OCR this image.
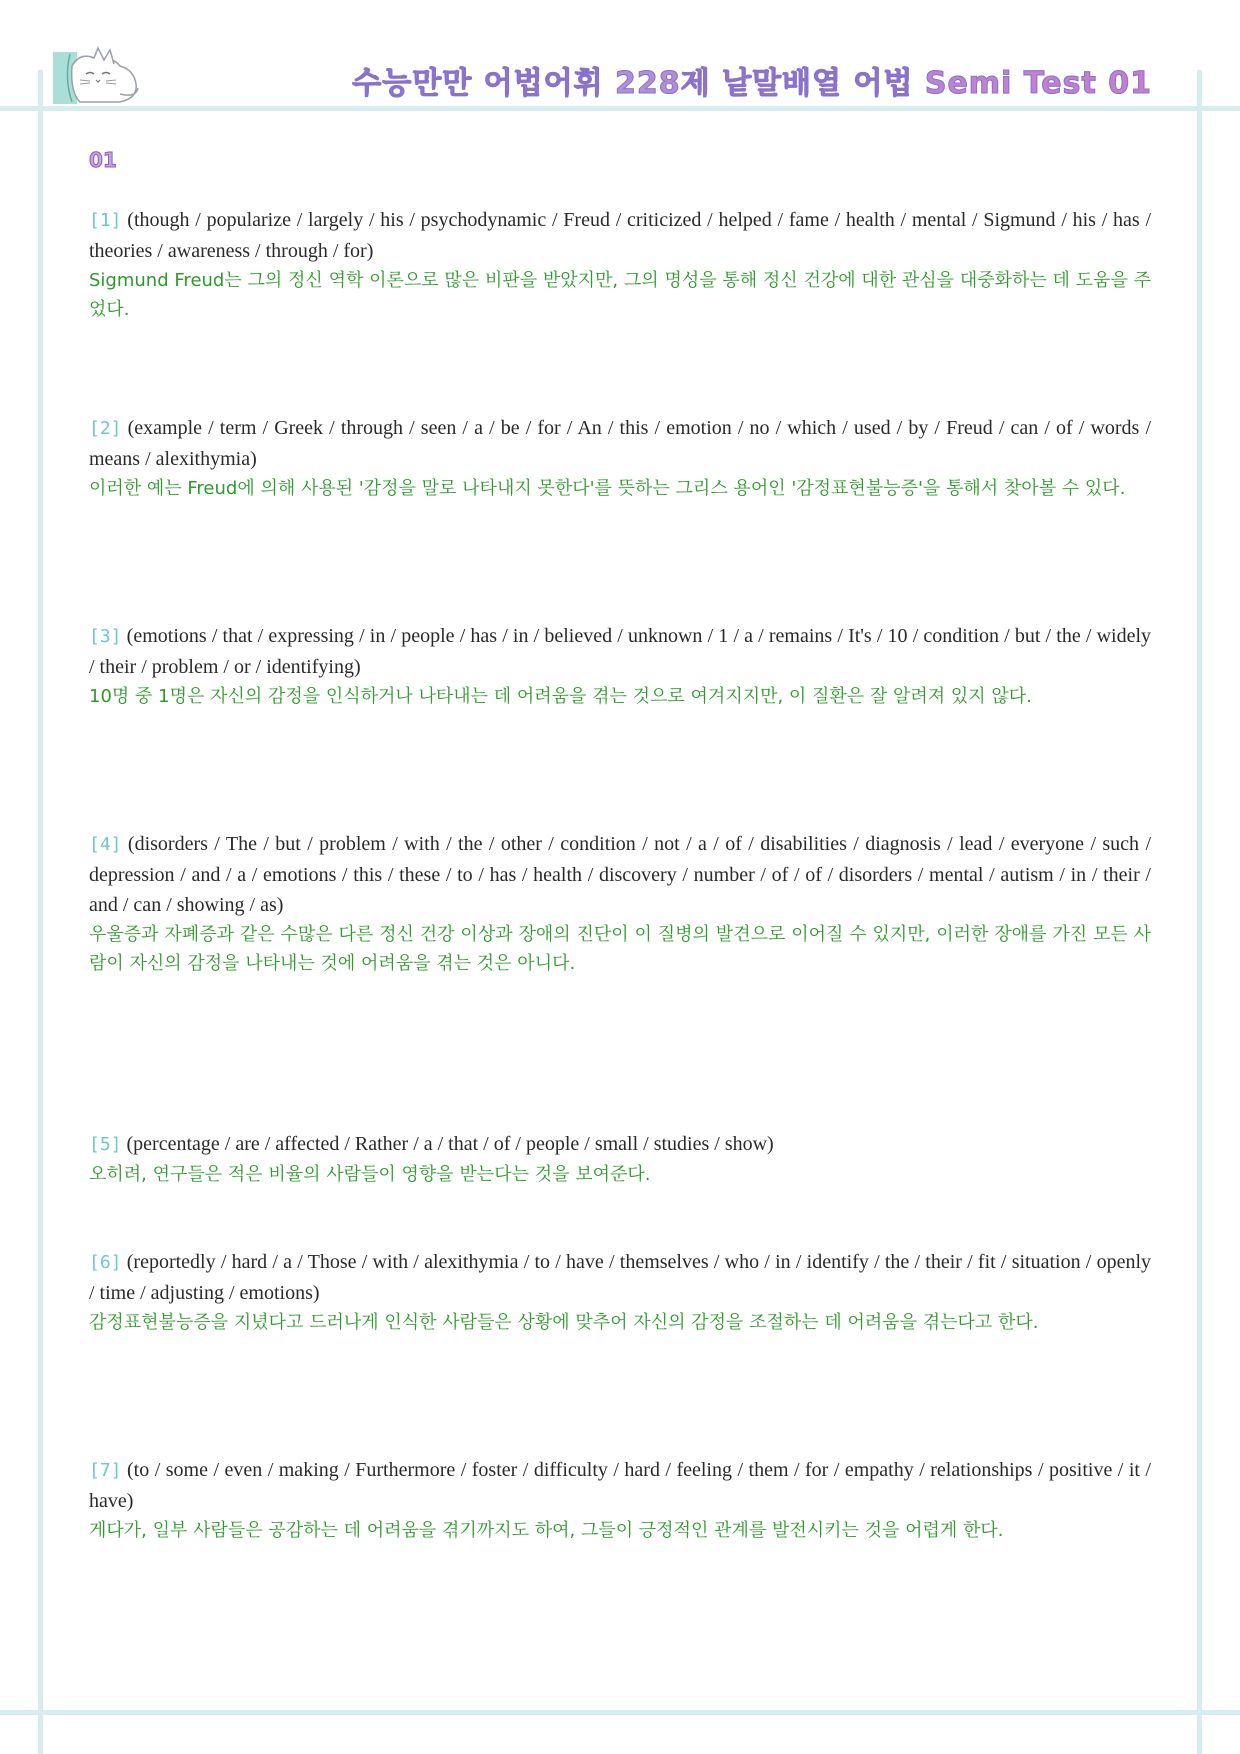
수능만만 어법어휘 228제 낱말배열 어법 Semi Test 01
01

[1] (though / popularize / largely / his / psychodynamic / Freud / criticized / helped / fame / health / mental / Sigmund / his / has / theories / awareness / through / for)

Sigmund Freud는 그의 정신 역학 이론으로 많은 비판을 받았지만, 그의 명성을 통해 정신 건강에 대한 관심을 대중화하는 데 도움을 주었다.

[2] (example / term / Greek / through / seen / a / be / for / An / this / emotion / no / which / used / by / Freud / can / of / words / means / alexithymia)

이러한 예는 Freud에 의해 사용된 '감정을 말로 나타내지 못한다'를 뜻하는 그리스 용어인 '감정표현불능증'을 통해서 찾아볼 수 있다.

[3] (emotions / that / expressing / in / people / has / in / believed / unknown / 1 / a / remains / It's / 10 / condition / but / the / widely / their / problem / or / identifying)

10명 중 1명은 자신의 감정을 인식하거나 나타내는 데 어려움을 겪는 것으로 여겨지지만, 이 질환은 잘 알려져 있지 않다.

[4] (disorders / The / but / problem / with / the / other / condition / not / a / of / disabilities / diagnosis / lead / everyone / such / depression / and / a / emotions / this / these / to / has / health / discovery / number / of / of / disorders / mental / autism / in / their / and / can / showing / as)

우울증과 자폐증과 같은 수많은 다른 정신 건강 이상과 장애의 진단이 이 질병의 발견으로 이어질 수 있지만, 이러한 장애를 가진 모든 사람이 자신의 감정을 나타내는 것에 어려움을 겪는 것은 아니다.

[5] (percentage / are / affected / Rather / a / that / of / people / small / studies / show)

오히려, 연구들은 적은 비율의 사람들이 영향을 받는다는 것을 보여준다.

[6] (reportedly / hard / a / Those / with / alexithymia / to / have / themselves / who / in / identify / the / their / fit / situation / openly / time / adjusting / emotions)

감정표현불능증을 지녔다고 드러나게 인식한 사람들은 상황에 맞추어 자신의 감정을 조절하는 데 어려움을 겪는다고 한다.

[7] (to / some / even / making / Furthermore / foster / difficulty / hard / feeling / them / for / empathy / relationships / positive / it / have)

게다가, 일부 사람들은 공감하는 데 어려움을 겪기까지도 하여, 그들이 긍정적인 관계를 발전시키는 것을 어렵게 한다.
